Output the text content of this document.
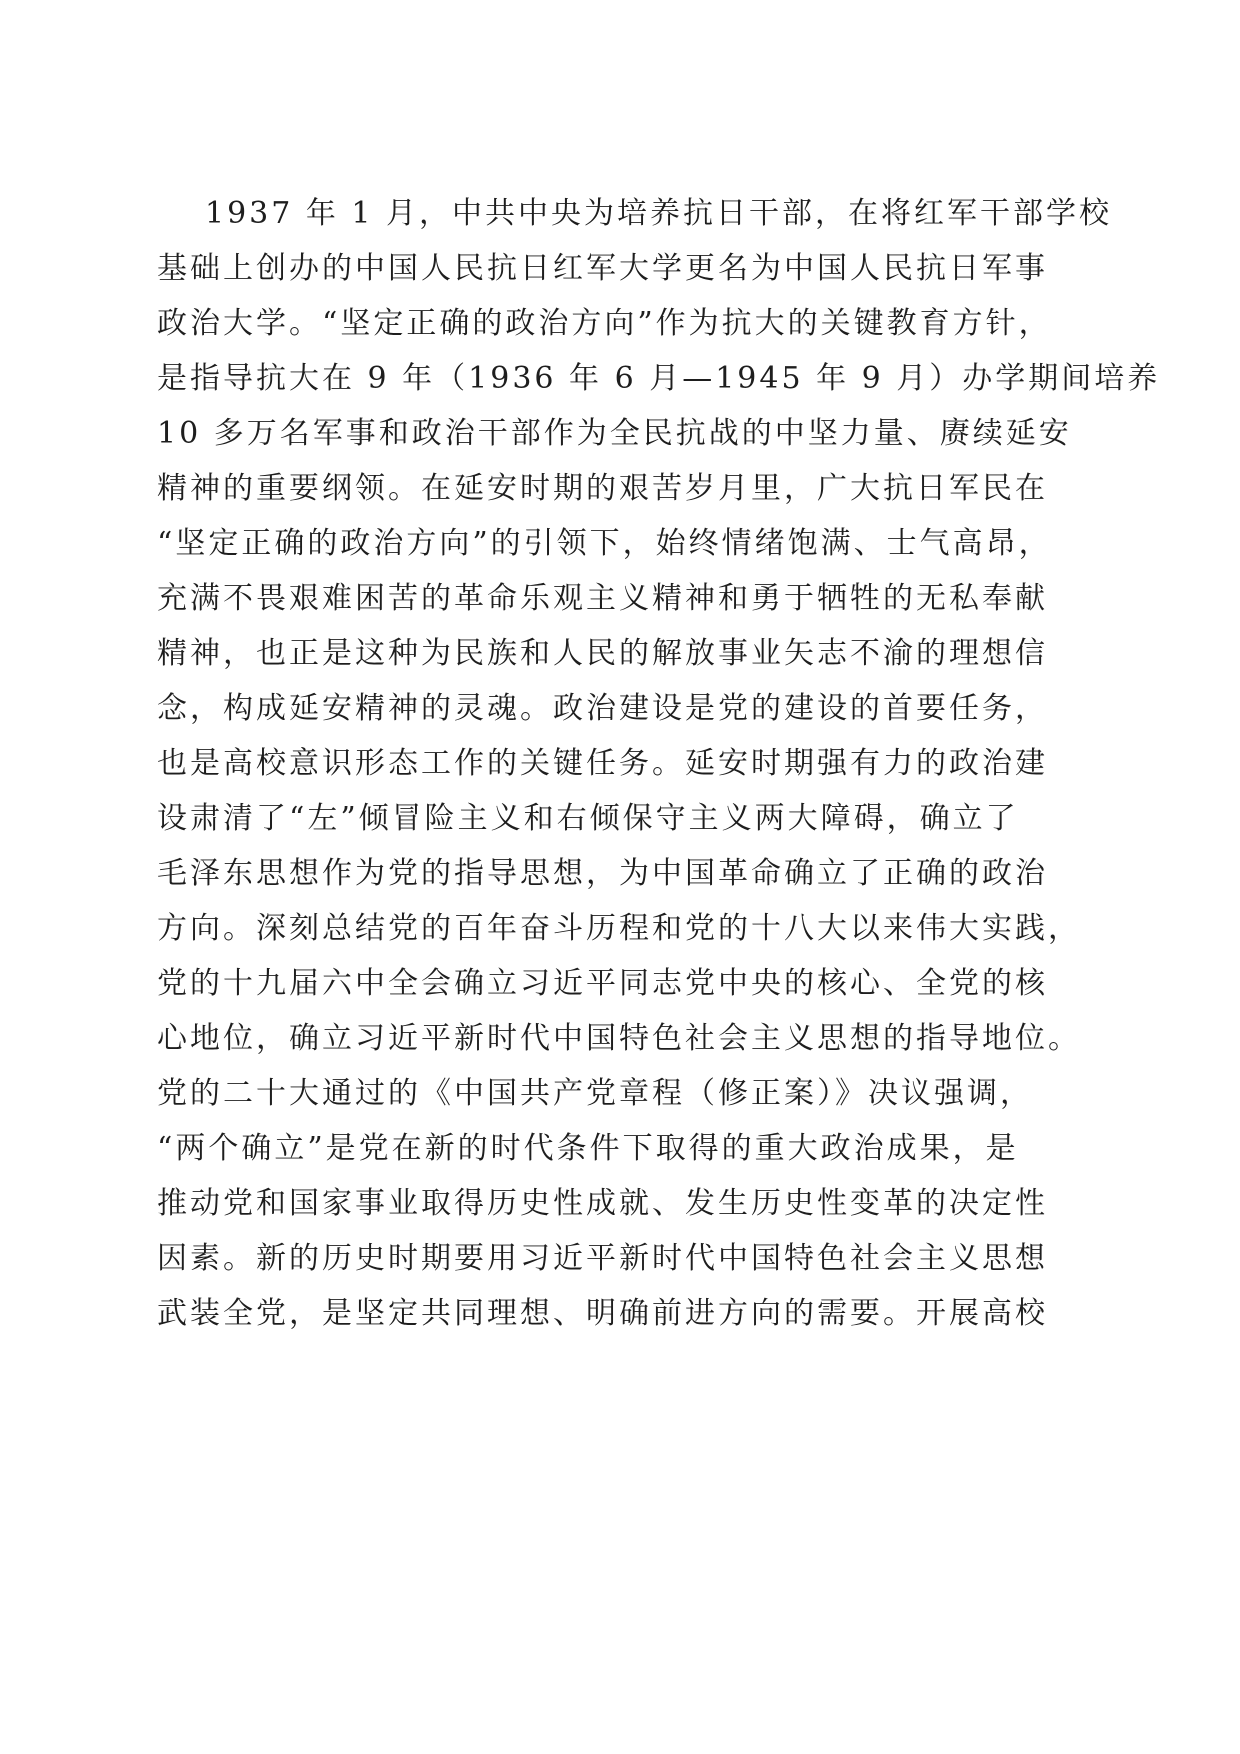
1937 年 1 月，中共中央为培养抗日干部，在将红军干部学校
基础上创办的中国人民抗日红军大学更名为中国人民抗日军事
政治大学。“坚定正确的政治方向”作为抗大的关键教育方针，
是指导抗大在 9 年（1936 年 6 月—1945 年 9 月）办学期间培养
10 多万名军事和政治干部作为全民抗战的中坚力量、赓续延安
精神的重要纲领。在延安时期的艰苦岁月里，广大抗日军民在
“坚定正确的政治方向”的引领下，始终情绪饱满、士气高昂，
充满不畏艰难困苦的革命乐观主义精神和勇于牺牲的无私奉献
精神，也正是这种为民族和人民的解放事业矢志不渝的理想信
念，构成延安精神的灵魂。政治建设是党的建设的首要任务，
也是高校意识形态工作的关键任务。延安时期强有力的政治建
设肃清了“左”倾冒险主义和右倾保守主义两大障碍，确立了
毛泽东思想作为党的指导思想，为中国革命确立了正确的政治
方向。深刻总结党的百年奋斗历程和党的十八大以来伟大实践，
党的十九届六中全会确立习近平同志党中央的核心、全党的核
心地位，确立习近平新时代中国特色社会主义思想的指导地位。
党的二十大通过的《中国共产党章程（修正案）》决议强调，
“两个确立”是党在新的时代条件下取得的重大政治成果，是
推动党和国家事业取得历史性成就、发生历史性变革的决定性
因素。新的历史时期要用习近平新时代中国特色社会主义思想
武装全党，是坚定共同理想、明确前进方向的需要。开展高校
